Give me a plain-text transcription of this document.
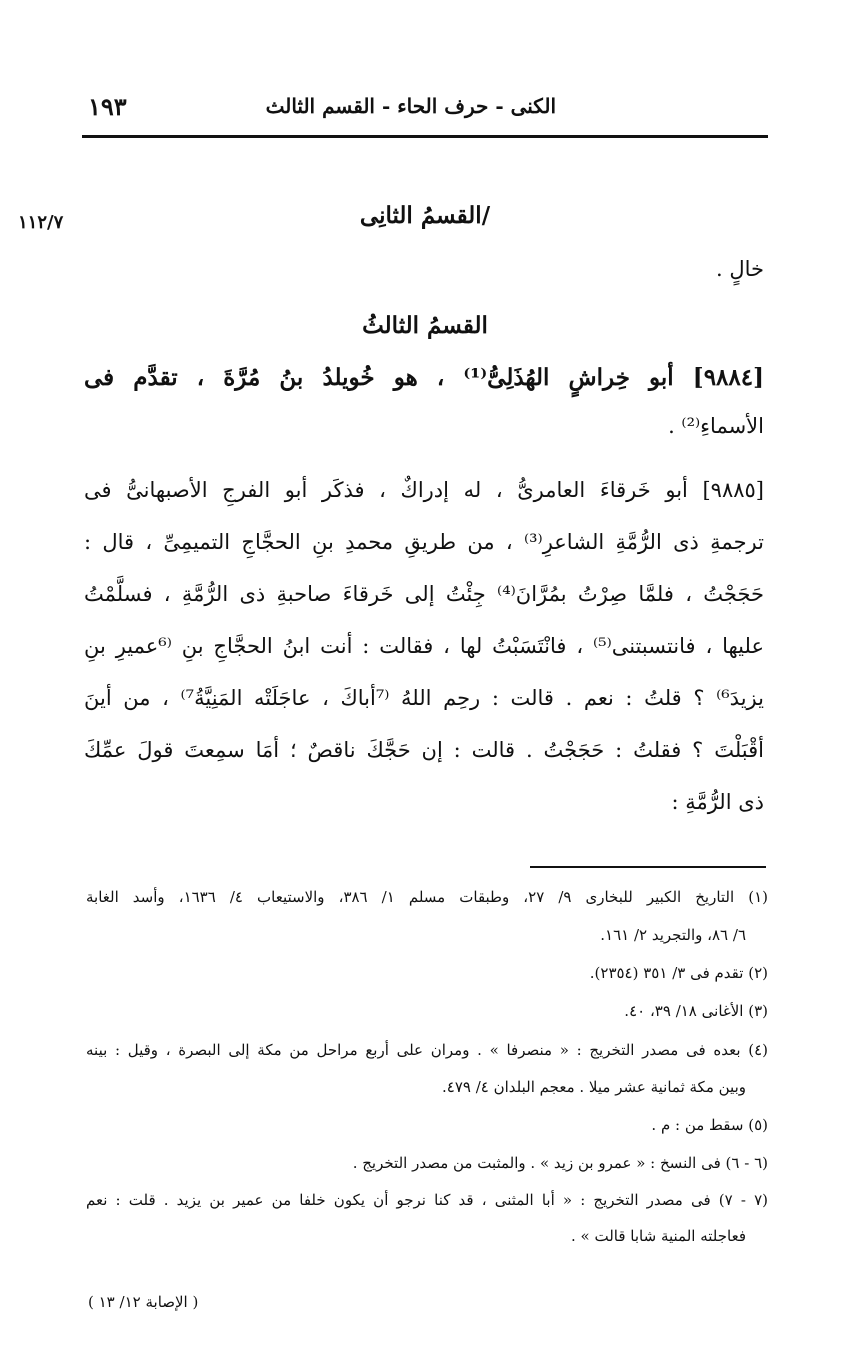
١٩٣	الكنى - حرف الحاء - القسم الثالث
١١٢/٧	/القسمُ الثانِى
خالٍ .
القسمُ الثالثُ
[٩٨٨٤] أبو خِراشٍ الهُذَلِىُّ⁽¹⁾ ، هو خُويلدُ بنُ مُرَّةَ ، تقدَّم فى
الأسماءِ⁽²⁾ .
[٩٨٨٥] أبو خَرقاءَ العامرىُّ ، له إدراكٌ ، فذكَر أبو الفرجِ الأصبهانىُّ فى
ترجمةِ ذى الرُّمَّةِ الشاعرِ⁽³⁾ ، من طريقِ محمدِ بنِ الحجَّاجِ التميمِىِّ ، قال :
حَجَجْتُ ، فلمَّا صِرْتُ بمُرَّانَ⁽⁴⁾ جِئْتُ إلى خَرقاءَ صاحبةِ ذى الرُّمَّةِ ، فسلَّمْتُ
عليها ، فانتسبتنى⁽⁵⁾ ، فانْتَسَبْتُ لها ، فقالت : أنت ابنُ الحجَّاجِ بنِ ⁽⁶عميرِ بنِ
يزيدَ⁶⁾ ؟ قلتُ : نعم . قالت : رحِم اللهُ ⁽⁷أباكَ ، عاجَلَتْه المَنِيَّةُ⁷⁾ ، من أينَ
أقْبَلْتَ ؟ فقلتُ : حَجَجْتُ . قالت : إن حَجَّكَ ناقصٌ ؛ أمَا سمِعتَ قولَ عمِّكَ
ذى الرُّمَّةِ :
(١) التاريخ الكبير للبخارى ٩/ ٢٧، وطبقات مسلم ١/ ٣٨٦، والاستيعاب ٤/ ١٦٣٦، وأسد الغابة
٦/ ٨٦، والتجريد ٢/ ١٦١.
(٢) تقدم فى ٣/ ٣٥١ (٢٣٥٤).
(٣) الأغانى ١٨/ ٣٩، ٤٠.
(٤) بعده فى مصدر التخريج : « منصرفا » . ومران على أربع مراحل من مكة إلى البصرة ، وقيل : بينه
وبين مكة ثمانية عشر ميلا . معجم البلدان ٤/ ٤٧٩.
(٥) سقط من : م .
(٦ - ٦) فى النسخ : « عمرو بن زيد » . والمثبت من مصدر التخريج .
(٧ - ٧) فى مصدر التخريج : « أبا المثنى ، قد كنا نرجو أن يكون خلفا من عمير بن يزيد . قلت : نعم
فعاجلته المنية شابا قالت » .
( الإصابة ١٢/ ١٣ )
